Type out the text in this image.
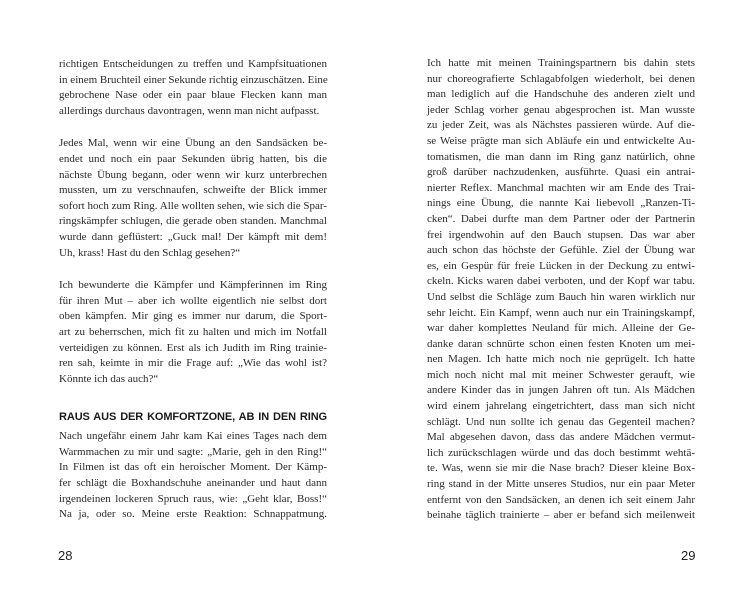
richtigen Entscheidungen zu treffen und Kampfsituationen
in einem Bruchteil einer Sekunde richtig einzuschätzen. Eine
gebrochene Nase oder ein paar blaue Flecken kann man
allerdings durchaus davontragen, wenn man nicht aufpasst.
Jedes Mal, wenn wir eine Übung an den Sandsäcken be-
endet und noch ein paar Sekunden übrig hatten, bis die
nächste Übung begann, oder wenn wir kurz unterbrechen
mussten, um zu verschnaufen, schweifte der Blick immer
sofort hoch zum Ring. Alle wollten sehen, wie sich die Spar-
ringskämpfer schlugen, die gerade oben standen. Manchmal
wurde dann geflüstert: „Guck mal! Der kämpft mit dem!
Uh, krass! Hast du den Schlag gesehen?“
Ich bewunderte die Kämpfer und Kämpferinnen im Ring
für ihren Mut – aber ich wollte eigentlich nie selbst dort
oben kämpfen. Mir ging es immer nur darum, die Sport-
art zu beherrschen, mich fit zu halten und mich im Notfall
verteidigen zu können. Erst als ich Judith im Ring trainie-
ren sah, keimte in mir die Frage auf: „Wie das wohl ist?
Könnte ich das auch?“
RAUS AUS DER KOMFORTZONE, AB IN DEN RING
Nach ungefähr einem Jahr kam Kai eines Tages nach dem
Warmmachen zu mir und sagte: „Marie, geh in den Ring!“
In Filmen ist das oft ein heroischer Moment. Der Kämp-
fer schlägt die Boxhandschuhe aneinander und haut dann
irgendeinen lockeren Spruch raus, wie: „Geht klar, Boss!“
Na ja, oder so. Meine erste Reaktion: Schnappatmung.
28
Ich hatte mit meinen Trainingspartnern bis dahin stets
nur choreografierte Schlagabfolgen wiederholt, bei denen
man lediglich auf die Handschuhe des anderen zielt und
jeder Schlag vorher genau abgesprochen ist. Man wusste
zu jeder Zeit, was als Nächstes passieren würde. Auf die-
se Weise prägte man sich Abläufe ein und entwickelte Au-
tomatismen, die man dann im Ring ganz natürlich, ohne
groß darüber nachzudenken, ausführte. Quasi ein antrai-
nierter Reflex. Manchmal machten wir am Ende des Trai-
nings eine Übung, die nannte Kai liebevoll „Ranzen-Ti-
cken“. Dabei durfte man dem Partner oder der Partnerin
frei irgendwohin auf den Bauch stupsen. Das war aber
auch schon das höchste der Gefühle. Ziel der Übung war
es, ein Gespür für freie Lücken in der Deckung zu entwi-
ckeln. Kicks waren dabei verboten, und der Kopf war tabu.
Und selbst die Schläge zum Bauch hin waren wirklich nur
sehr leicht. Ein Kampf, wenn auch nur ein Trainingskampf,
war daher komplettes Neuland für mich. Alleine der Ge-
danke daran schnürte schon einen festen Knoten um mei-
nen Magen. Ich hatte mich noch nie geprügelt. Ich hatte
mich noch nicht mal mit meiner Schwester gerauft, wie
andere Kinder das in jungen Jahren oft tun. Als Mädchen
wird einem jahrelang eingetrichtert, dass man sich nicht
schlägt. Und nun sollte ich genau das Gegenteil machen?
Mal abgesehen davon, dass das andere Mädchen vermut-
lich zurückschlagen würde und das doch bestimmt wehtä-
te. Was, wenn sie mir die Nase brach? Dieser kleine Box-
ring stand in der Mitte unseres Studios, nur ein paar Meter
entfernt von den Sandsäcken, an denen ich seit einem Jahr
beinahe täglich trainierte – aber er befand sich meilenweit
29
